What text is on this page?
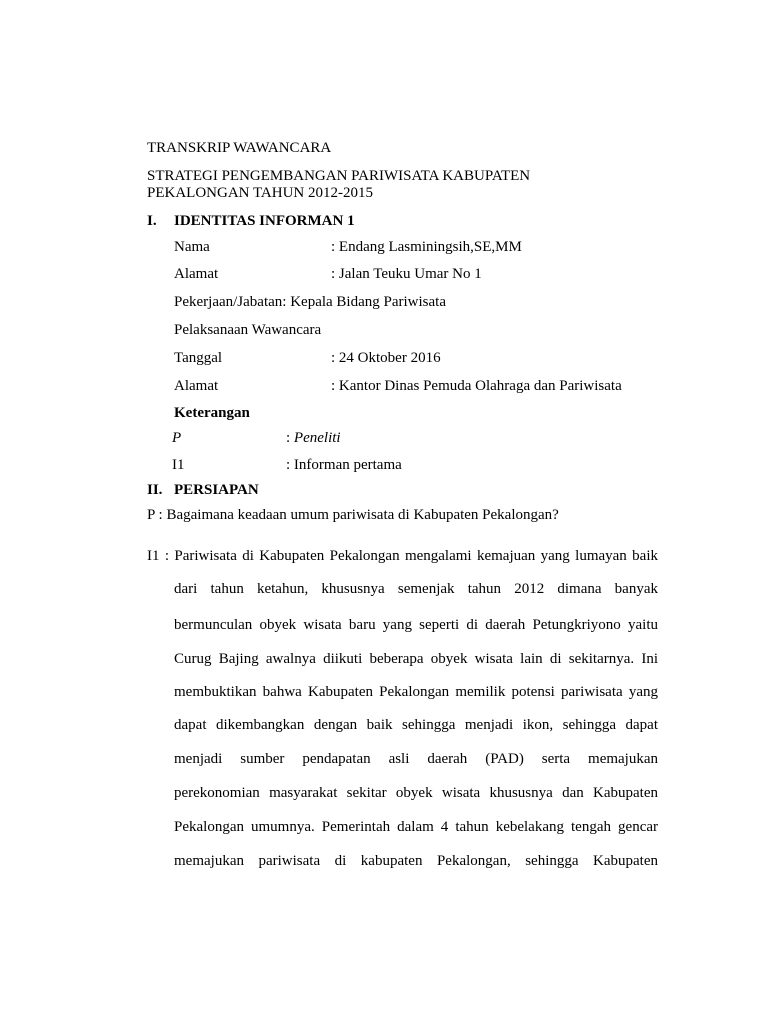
TRANSKRIP WAWANCARA
STRATEGI PENGEMBANGAN PARIWISATA KABUPATEN
PEKALONGAN TAHUN 2012-2015
I. IDENTITAS INFORMAN 1
Nama	: Endang Lasminingsih,SE,MM
Alamat	: Jalan Teuku Umar No 1
Pekerjaan/Jabatan: Kepala Bidang Pariwisata
Pelaksanaan Wawancara
Tanggal	: 24 Oktober 2016
Alamat	: Kantor Dinas Pemuda Olahraga dan Pariwisata
Keterangan
P	: Peneliti
I1	: Informan pertama
II. PERSIAPAN
P : Bagaimana keadaan umum pariwisata di Kabupaten Pekalongan?
I1 : Pariwisata di Kabupaten Pekalongan mengalami kemajuan yang lumayan baik
dari tahun ketahun, khususnya semenjak tahun 2012 dimana banyak
bermunculan obyek wisata baru yang seperti di daerah Petungkriyono yaitu
Curug Bajing awalnya diikuti beberapa obyek wisata lain di sekitarnya. Ini
membuktikan bahwa Kabupaten Pekalongan memilik potensi pariwisata yang
dapat dikembangkan dengan baik sehingga menjadi ikon, sehingga dapat
menjadi sumber pendapatan asli daerah (PAD) serta memajukan
perekonomian masyarakat sekitar obyek wisata khususnya dan Kabupaten
Pekalongan umumnya. Pemerintah dalam 4 tahun kebelakang tengah gencar
memajukan pariwisata di kabupaten Pekalongan, sehingga Kabupaten
